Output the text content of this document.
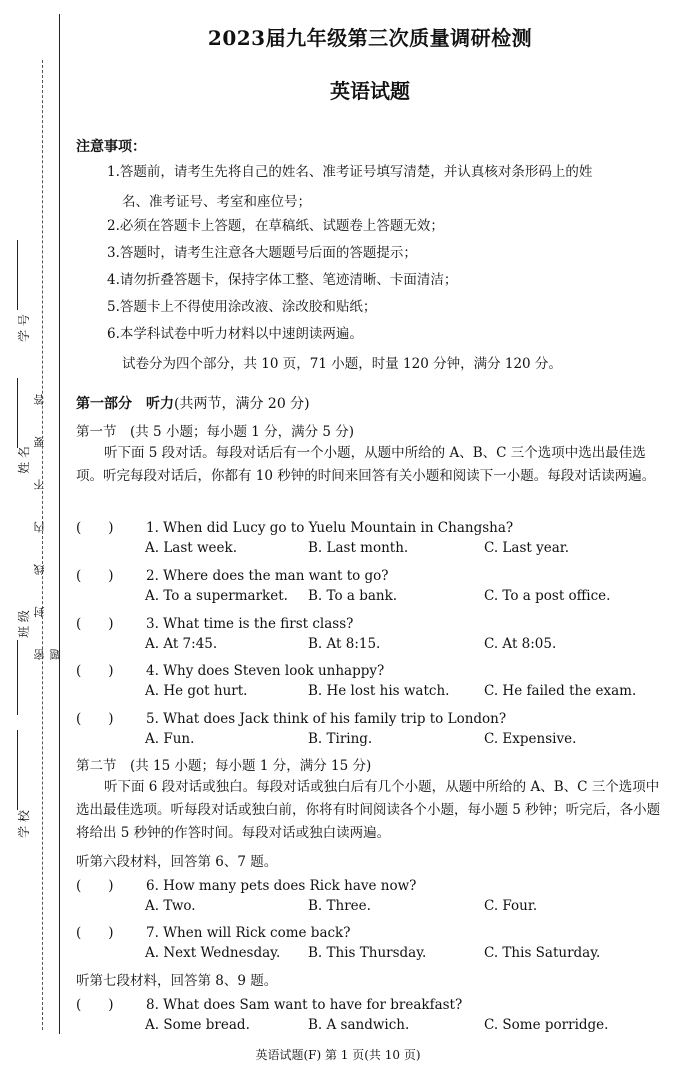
学 号
姓 名
班 级
学 校
密 封 线 内 不 要 答 题
2023届九年级第三次质量调研检测
英语试题
注意事项：
1.答题前，请考生先将自己的姓名、准考证号填写清楚，并认真核对条形码上的姓
名、准考证号、考室和座位号；
2.必须在答题卡上答题，在草稿纸、试题卷上答题无效；
3.答题时，请考生注意各大题题号后面的答题提示；
4.请勿折叠答题卡，保持字体工整、笔迹清晰、卡面清洁；
5.答题卡上不得使用涂改液、涂改胶和贴纸；
6.本学科试卷中听力材料以中速朗读两遍。
试卷分为四个部分，共 10 页，71 小题，时量 120 分钟，满分 120 分。
第一部分　听力(共两节，满分 20 分)
第一节　(共 5 小题；每小题 1 分，满分 5 分)
听下面 5 段对话。每段对话后有一个小题，从题中所给的 A、B、C 三个选项中选出最佳选项。听完每段对话后，你都有 10 秒钟的时间来回答有关小题和阅读下一小题。每段对话读两遍。
(　　) 1. When did Lucy go to Yuelu Mountain in Changsha?
A. Last week.	B. Last month.	C. Last year.
(　　) 2. Where does the man want to go?
A. To a supermarket. B. To a bank.	C. To a post office.
(　　) 3. What time is the first class?
A. At 7:45.	B. At 8:15.	C. At 8:05.
(　　) 4. Why does Steven look unhappy?
A. He got hurt.	B. He lost his watch.	C. He failed the exam.
(　　) 5. What does Jack think of his family trip to London?
A. Fun.	B. Tiring.	C. Expensive.
第二节　(共 15 小题；每小题 1 分，满分 15 分)
听下面 6 段对话或独白。每段对话或独白后有几个小题，从题中所给的 A、B、C 三个选项中选出最佳选项。听每段对话或独白前，你将有时间阅读各个小题，每小题 5 秒钟；听完后，各小题将给出 5 秒钟的作答时间。每段对话或独白读两遍。
听第六段材料，回答第 6、7 题。
(　　) 6. How many pets does Rick have now?
A. Two.	B. Three.	C. Four.
(　　) 7. When will Rick come back?
A. Next Wednesday. B. This Thursday.	C. This Saturday.
听第七段材料，回答第 8、9 题。
(　　) 8. What does Sam want to have for breakfast?
A. Some bread.	B. A sandwich.	C. Some porridge.
英语试题(F) 第 1 页(共 10 页)
